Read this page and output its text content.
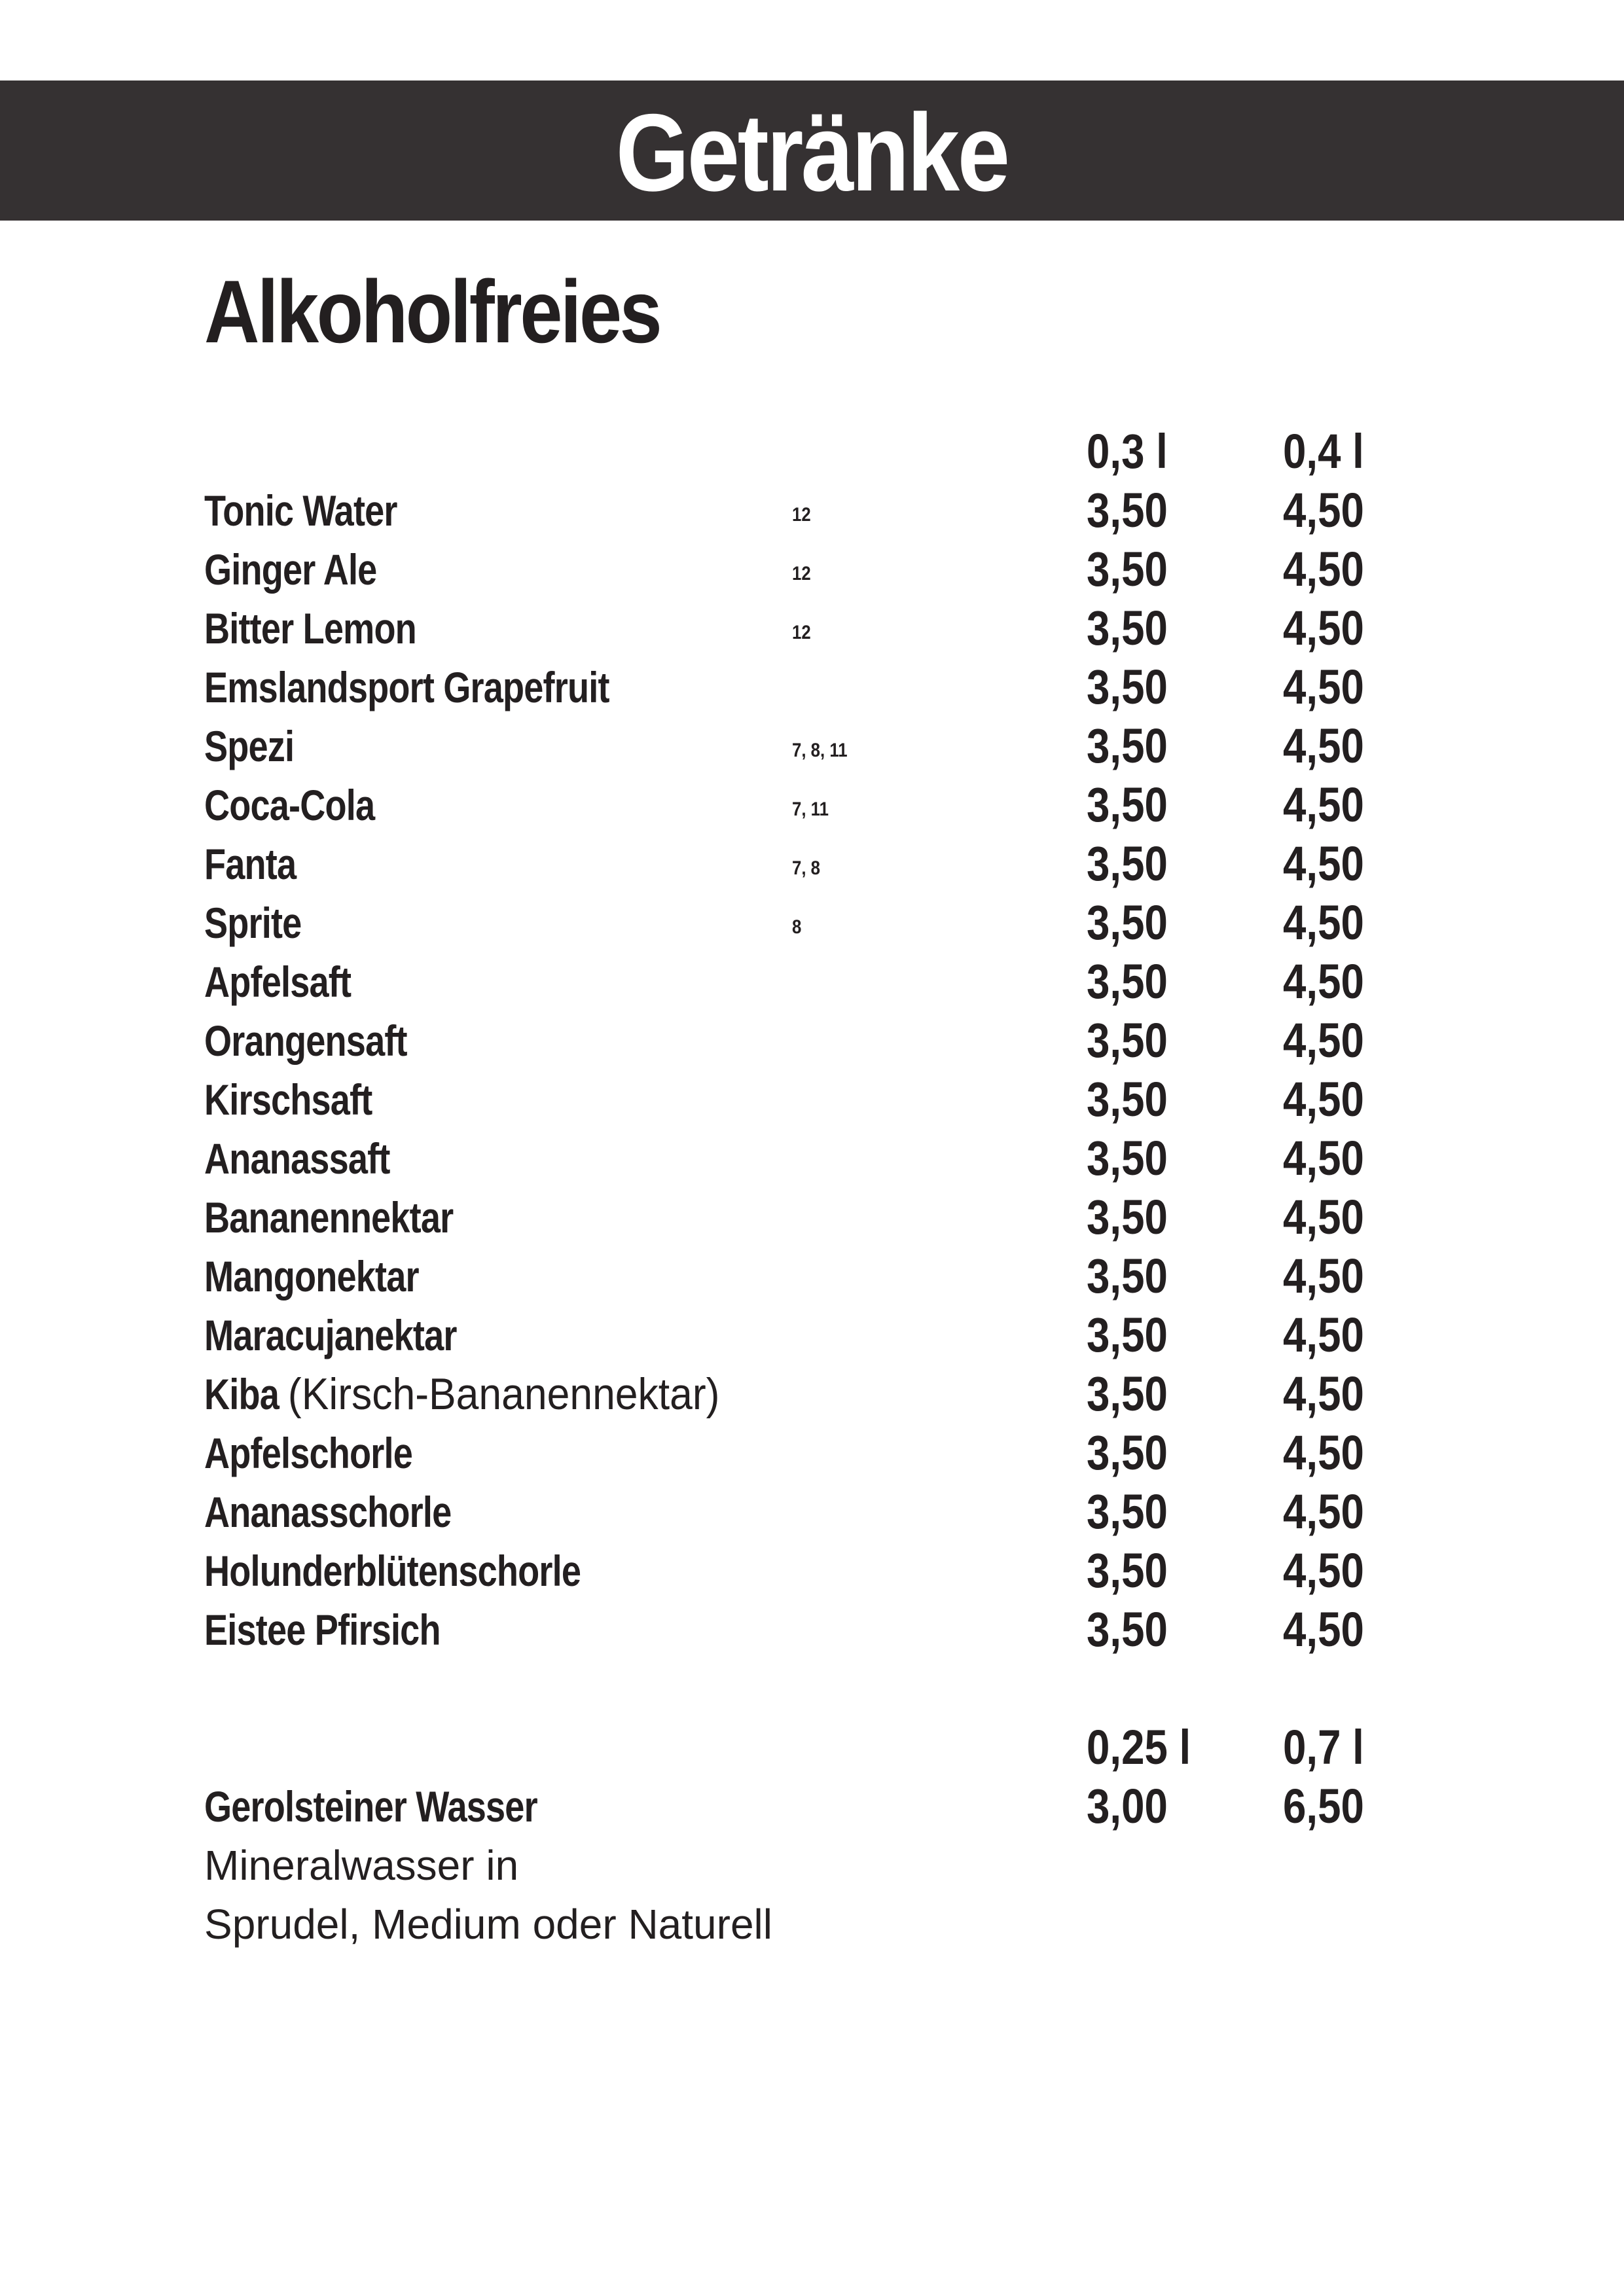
Getränke
Alkoholfreies
0,3 l 0,4 l
Tonic Water	12	3,50 4,50
Ginger Ale	12	3,50 4,50
Bitter Lemon	12	3,50 4,50
Emslandsport Grapefruit	3,50 4,50
Spezi	7, 8, 11	3,50 4,50
Coca-Cola	7, 11	3,50 4,50
Fanta	7, 8	3,50 4,50
Sprite	8	3,50 4,50
Apfelsaft	3,50 4,50
Orangensaft	3,50 4,50
Kirschsaft	3,50 4,50
Ananassaft	3,50 4,50
Bananennektar	3,50 4,50
Mangonektar	3,50 4,50
Maracujanektar	3,50 4,50
Kiba (Kirsch-Bananennektar)	3,50 4,50
Apfelschorle	3,50 4,50
Ananasschorle	3,50 4,50
Holunderblütenschorle	3,50 4,50
Eistee Pfirsich	3,50 4,50
0,25 l 0,7 l
Gerolsteiner Wasser	3,00 6,50
Mineralwasser in
Sprudel, Medium oder Naturell
